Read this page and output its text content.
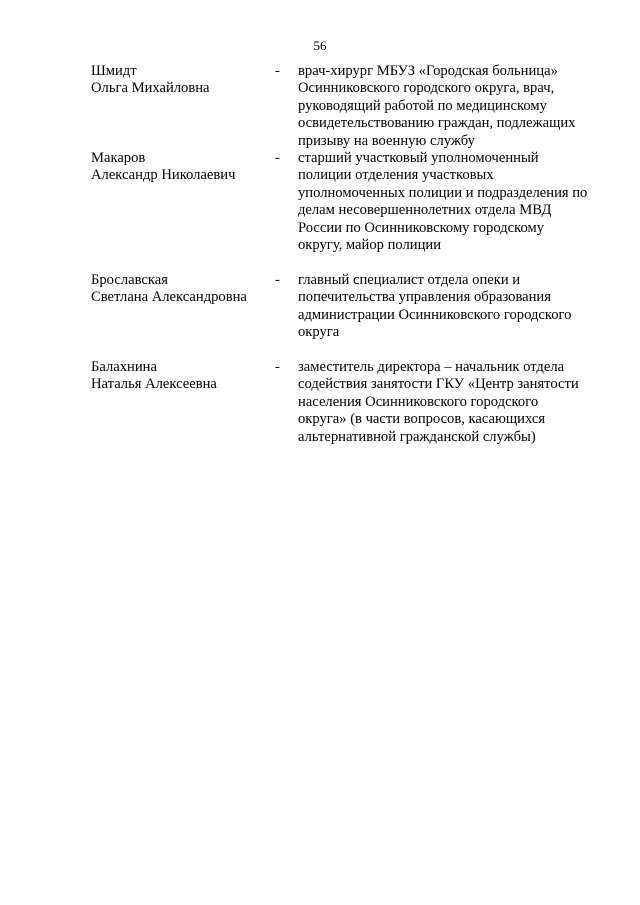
56
Шмидт
Ольга Михайловна
-	врач-хирург МБУЗ «Городская больница»
Осинниковского городского округа, врач,
руководящий работой по медицинскому
освидетельствованию граждан, подлежащих
призыву на военную службу
Макаров
Александр Николаевич
-	старший участковый уполномоченный
полиции отделения участковых
уполномоченных полиции и подразделения по
делам несовершеннолетних отдела МВД
России по Осинниковскому городскому
округу, майор полиции
Брославская
Светлана Александровна
-	главный специалист отдела опеки и
попечительства управления образования
администрации Осинниковского городского
округа
Балахнина
Наталья Алексеевна
-	заместитель директора – начальник отдела
содействия занятости ГКУ «Центр занятости
населения Осинниковского городского
округа» (в части вопросов, касающихся
альтернативной гражданской службы)
